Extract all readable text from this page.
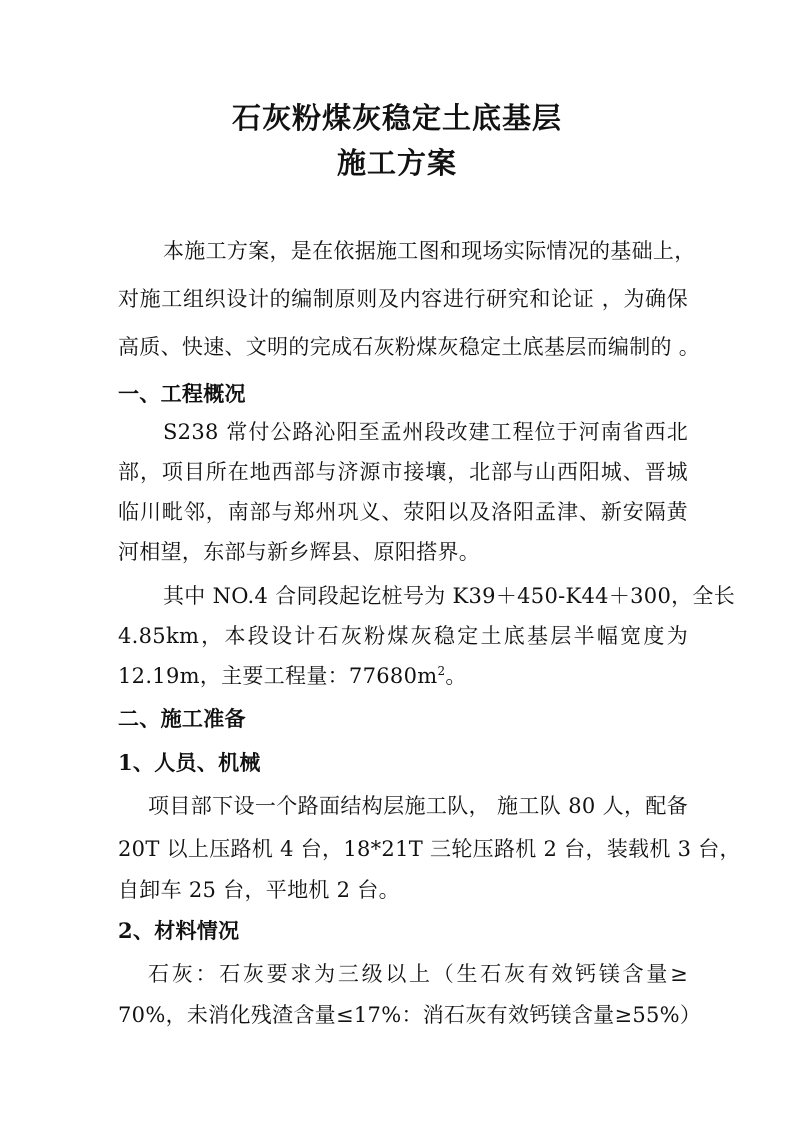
石灰粉煤灰稳定土底基层
施工方案
本施工方案，是在依据施工图和现场实际情况的基础上，
对施工组织设计的编制原则及内容进行研究和论证 ，为确保
高质、快速、文明的完成石灰粉煤灰稳定土底基层而编制的 。
一、工程概况
S238 常付公路沁阳至孟州段改建工程位于河南省西北
部，项目所在地西部与济源市接壤，北部与山西阳城、晋城
临川毗邻，南部与郑州巩义、荥阳以及洛阳孟津、新安隔黄
河相望，东部与新乡辉县、原阳搭界。
其中 NO.4 合同段起讫桩号为 K39＋450-K44＋300，全长
4.85km，本段设计石灰粉煤灰稳定土底基层半幅宽度为
12.19m，主要工程量：$77680m^2$。
二、施工准备
1、人员、机械
项目部下设一个路面结构层施工队， 施工队 80 人，配备
20T 以上压路机 4 台，18*21T 三轮压路机 2 台，装载机 3 台，
自卸车 25 台，平地机 2 台。
2、材料情况
石灰：石灰要求为三级以上（生石灰有效钙镁含量≥
70%，未消化残渣含量≤17%：消石灰有效钙镁含量≥55%）
